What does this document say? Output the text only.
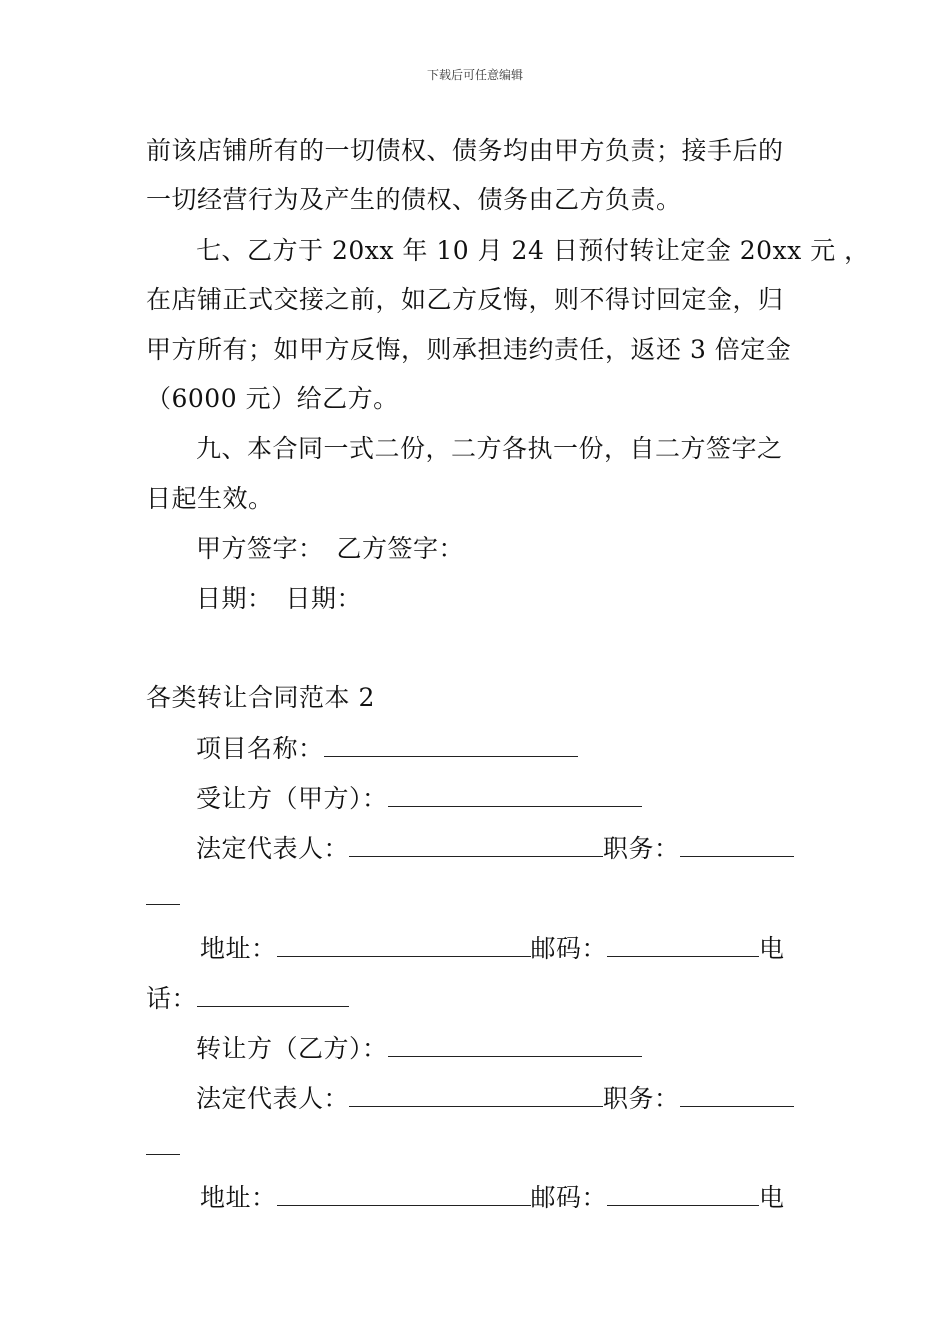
下载后可任意编辑
前该店铺所有的一切债权、债务均由甲方负责；接手后的
一切经营行为及产生的债权、债务由乙方负责。
七、乙方于 20xx 年 10 月 24 日预付转让定金 20xx 元 ，
在店铺正式交接之前，如乙方反悔，则不得讨回定金，归
甲方所有；如甲方反悔，则承担违约责任，返还 3 倍定金
（6000 元）给乙方。
九、本合同一式二份，二方各执一份，自二方签字之
日起生效。
甲方签字：　乙方签字：
日期：　日期：
各类转让合同范本 2
项目名称：
受让方（甲方）：
法定代表人：	职务：
地址：	邮码：	电
话：
转让方（乙方）：
法定代表人：	职务：
地址：	邮码：	电
